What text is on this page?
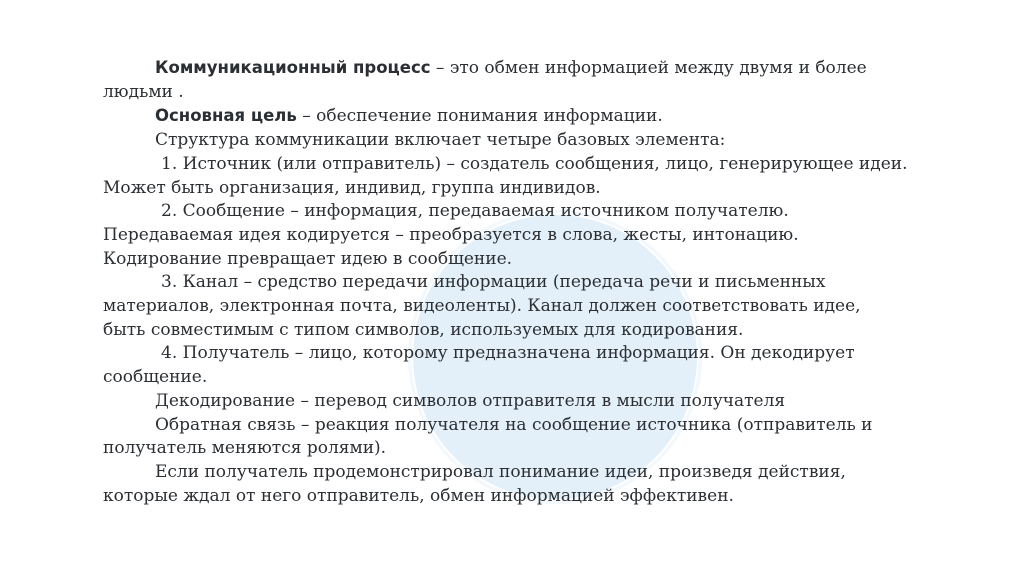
Коммуникационный процесс – это обмен информацией между двумя и более

людьми .

Основная цель – обеспечение понимания информации.

Структура коммуникации включает четыре базовых элемента:

1. Источник (или отправитель) – создатель сообщения, лицо, генерирующее идеи.

Может быть организация, индивид, группа индивидов.

2. Сообщение – информация, передаваемая источником получателю.

Передаваемая идея кодируется – преобразуется в слова, жесты, интонацию.

Кодирование превращает идею в сообщение.

3. Канал – средство передачи информации (передача речи и письменных

материалов, электронная почта, видеоленты). Канал должен соответствовать идее,

быть совместимым с типом символов, используемых для кодирования.

4. Получатель – лицо, которому предназначена информация. Он декодирует

сообщение.

Декодирование – перевод символов отправителя в мысли получателя

Обратная связь – реакция получателя на сообщение источника (отправитель и

получатель меняются ролями).

Если получатель продемонстрировал понимание идеи, произведя действия,

которые ждал от него отправитель, обмен информацией эффективен.
